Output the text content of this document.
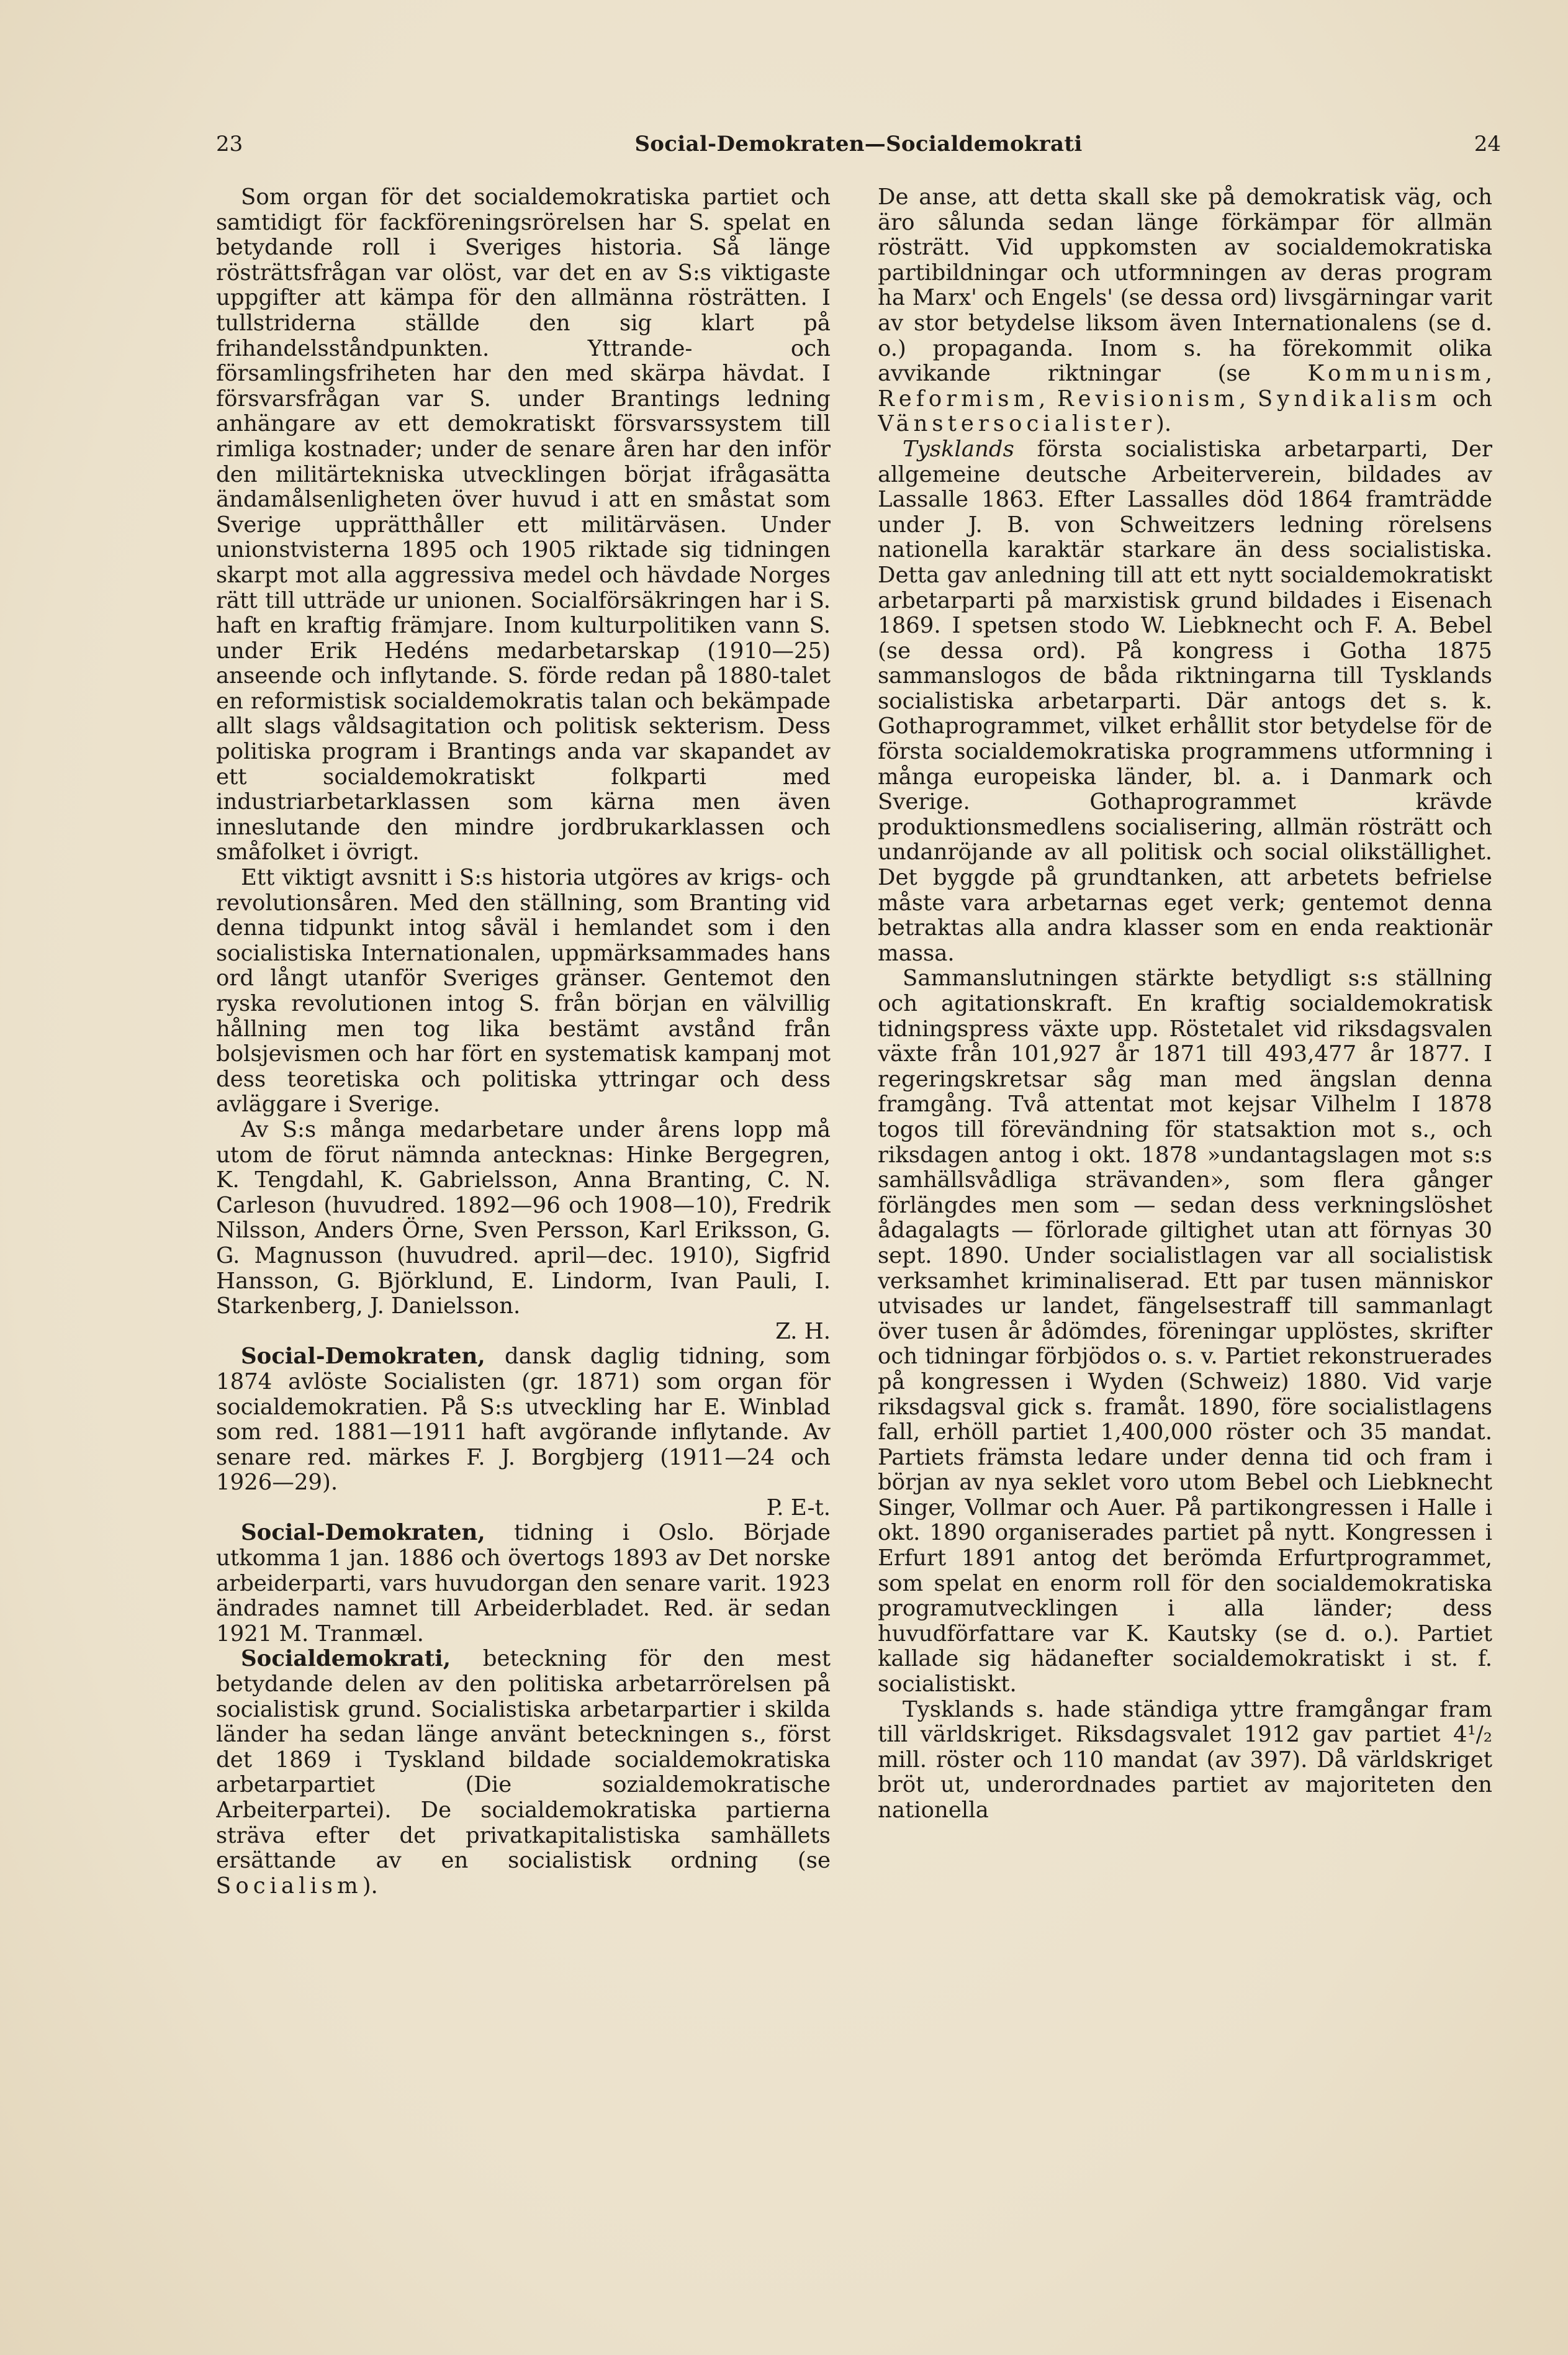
23	Social-Demokraten—Socialdemokrati	24

Som organ för det socialdemokratiska partiet och samtidigt för fackföreningsrörelsen har S. spelat en betydande roll i Sveriges historia. Så länge rösträttsfrågan var olöst, var det en av S:s viktigaste uppgifter att kämpa för den allmänna rösträtten. I tullstriderna ställde den sig klart på frihandelsståndpunkten. Yttrande- och församlingsfriheten har den med skärpa hävdat. I försvarsfrågan var S. under Brantings ledning anhängare av ett demokratiskt försvarssystem till rimliga kostnader; under de senare åren har den inför den militärtekniska utvecklingen börjat ifrågasätta ändamålsenligheten över huvud i att en småstat som Sverige upprätthåller ett militärväsen. Under unionstvisterna 1895 och 1905 riktade sig tidningen skarpt mot alla aggressiva medel och hävdade Norges rätt till utträde ur unionen. Socialförsäkringen har i S. haft en kraftig främjare. Inom kulturpolitiken vann S. under Erik Hedéns medarbetarskap (1910—25) anseende och inflytande. S. förde redan på 1880-talet en reformistisk socialdemokratis talan och bekämpade allt slags våldsagitation och politisk sekterism. Dess politiska program i Brantings anda var skapandet av ett socialdemokratiskt folkparti med industriarbetarklassen som kärna men även inneslutande den mindre jordbrukarklassen och småfolket i övrigt.

Ett viktigt avsnitt i S:s historia utgöres av krigs- och revolutionsåren. Med den ställning, som Branting vid denna tidpunkt intog såväl i hemlandet som i den socialistiska Internationalen, uppmärksammades hans ord långt utanför Sveriges gränser. Gentemot den ryska revolutionen intog S. från början en välvillig hållning men tog lika bestämt avstånd från bolsjevismen och har fört en systematisk kampanj mot dess teoretiska och politiska yttringar och dess avläggare i Sverige.

Av S:s många medarbetare under årens lopp må utom de förut nämnda antecknas: Hinke Bergegren, K. Tengdahl, K. Gabrielsson, Anna Branting, C. N. Carleson (huvudred. 1892—96 och 1908—10), Fredrik Nilsson, Anders Örne, Sven Persson, Karl Eriksson, G. G. Magnusson (huvudred. april—dec. 1910), Sigfrid Hansson, G. Björklund, E. Lindorm, Ivan Pauli, I. Starkenberg, J. Danielsson.

Z. H.

Social-Demokraten, dansk daglig tidning, som 1874 avlöste Socialisten (gr. 1871) som organ för socialdemokratien. På S:s utveckling har E. Winblad som red. 1881—1911 haft avgörande inflytande. Av senare red. märkes F. J. Borgbjerg (1911—24 och 1926—29).

P. E-t.

Social-Demokraten, tidning i Oslo. Började utkomma 1 jan. 1886 och övertogs 1893 av Det norske arbeiderparti, vars huvudorgan den senare varit. 1923 ändrades namnet till Arbeiderbladet. Red. är sedan 1921 M. Tranmæl.

Socialdemokrati, beteckning för den mest betydande delen av den politiska arbetarrörelsen på socialistisk grund. Socialistiska arbetarpartier i skilda länder ha sedan länge använt beteckningen s., först det 1869 i Tyskland bildade socialdemokratiska arbetarpartiet (Die sozialdemokratische Arbeiterpartei). De socialdemokratiska partierna sträva efter det privatkapitalistiska samhällets ersättande av en socialistisk ordning (se Socialism).

De anse, att detta skall ske på demokratisk väg, och äro sålunda sedan länge förkämpar för allmän rösträtt. Vid uppkomsten av socialdemokratiska partibildningar och utformningen av deras program ha Marx' och Engels' (se dessa ord) livsgärningar varit av stor betydelse liksom även Internationalens (se d. o.) propaganda. Inom s. ha förekommit olika avvikande riktningar (se Kommunism, Reformism, Revisionism, Syndikalism och Vänstersocialister).

Tysklands första socialistiska arbetarparti, Der allgemeine deutsche Arbeiterverein, bildades av Lassalle 1863. Efter Lassalles död 1864 framträdde under J. B. von Schweitzers ledning rörelsens nationella karaktär starkare än dess socialistiska. Detta gav anledning till att ett nytt socialdemokratiskt arbetarparti på marxistisk grund bildades i Eisenach 1869. I spetsen stodo W. Liebknecht och F. A. Bebel (se dessa ord). På kongress i Gotha 1875 sammanslogos de båda riktningarna till Tysklands socialistiska arbetarparti. Där antogs det s. k. Gothaprogrammet, vilket erhållit stor betydelse för de första socialdemokratiska programmens utformning i många europeiska länder, bl. a. i Danmark och Sverige. Gothaprogrammet krävde produktionsmedlens socialisering, allmän rösträtt och undanröjande av all politisk och social olikställighet. Det byggde på grundtanken, att arbetets befrielse måste vara arbetarnas eget verk; gentemot denna betraktas alla andra klasser som en enda reaktionär massa.

Sammanslutningen stärkte betydligt s:s ställning och agitationskraft. En kraftig socialdemokratisk tidningspress växte upp. Röstetalet vid riksdagsvalen växte från 101,927 år 1871 till 493,477 år 1877. I regeringskretsar såg man med ängslan denna framgång. Två attentat mot kejsar Vilhelm I 1878 togos till förevändning för statsaktion mot s., och riksdagen antog i okt. 1878 »undantagslagen mot s:s samhällsvådliga strävanden», som flera gånger förlängdes men som — sedan dess verkningslöshet ådagalagts — förlorade giltighet utan att förnyas 30 sept. 1890. Under socialistlagen var all socialistisk verksamhet kriminaliserad. Ett par tusen människor utvisades ur landet, fängelsestraff till sammanlagt över tusen år ådömdes, föreningar upplöstes, skrifter och tidningar förbjödos o. s. v. Partiet rekonstruerades på kongressen i Wyden (Schweiz) 1880. Vid varje riksdagsval gick s. framåt. 1890, före socialistlagens fall, erhöll partiet 1,400,000 röster och 35 mandat. Partiets främsta ledare under denna tid och fram i början av nya seklet voro utom Bebel och Liebknecht Singer, Vollmar och Auer. På partikongressen i Halle i okt. 1890 organiserades partiet på nytt. Kongressen i Erfurt 1891 antog det berömda Erfurtprogrammet, som spelat en enorm roll för den socialdemokratiska programutvecklingen i alla länder; dess huvudförfattare var K. Kautsky (se d. o.). Partiet kallade sig hädanefter socialdemokratiskt i st. f. socialistiskt.

Tysklands s. hade ständiga yttre framgångar fram till världskriget. Riksdagsvalet 1912 gav partiet 4¹/₂ mill. röster och 110 mandat (av 397). Då världskriget bröt ut, underordnades partiet av majoriteten den nationella
